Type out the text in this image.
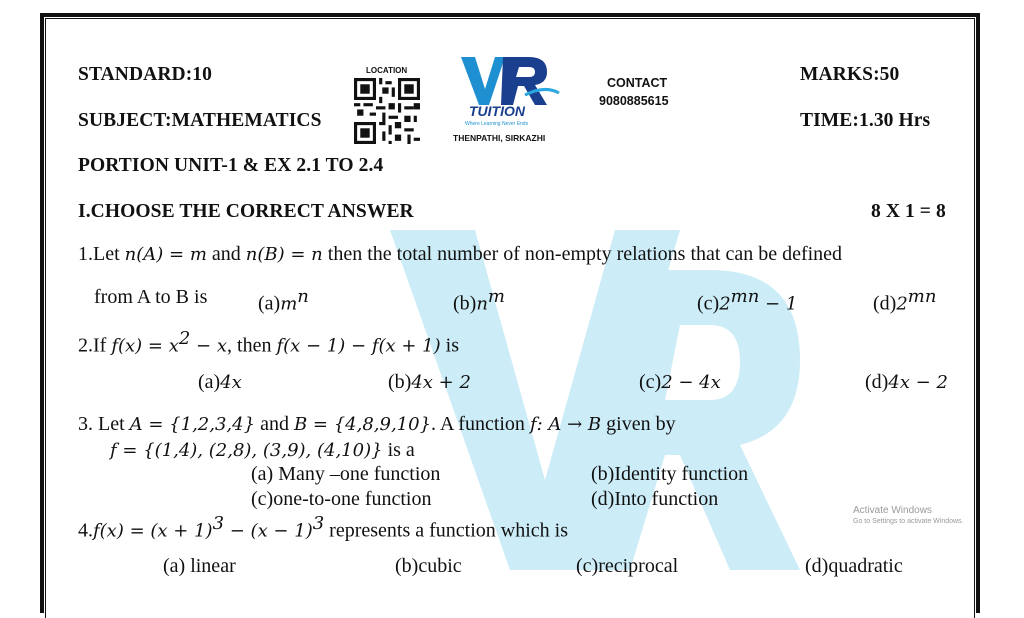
STANDARD:10
SUBJECT:MATHEMATICS
PORTION UNIT-1 & EX 2.1 TO 2.4
LOCATION
TUITION
Where Learning Never Ends
THENPATHI, SIRKAZHI
CONTACT
9080885615
MARKS:50
TIME:1.30 Hrs
I.CHOOSE THE CORRECT ANSWER	8 X 1 = 8
1.Let n(A) = m and n(B) = n then the total number of non-empty relations that can be defined
from A to B is	$(a)m^n$	$(b)n^m$	$(c)2^{mn} - 1$	$(d)2^{mn}$
2.If $f(x) = x^2 - x$, then f(x − 1) − f(x + 1) is
(a)4x	(b)4x + 2	(c)2 − 4x	(d)4x − 2
3. Let A = {1,2,3,4} and B = {4,8,9,10}. A function f: A → B given by
f = {(1,4), (2,8), (3,9), (4,10)} is a
(a) Many –one function	(b)Identity function
(c)one-to-one function	(d)Into function
$4.f(x) = (x + 1)^3 - (x - 1)^3$ represents a function which is
(a) linear	(b)cubic	(c)reciprocal	(d)quadratic
Activate Windows
Go to Settings to activate Windows.
